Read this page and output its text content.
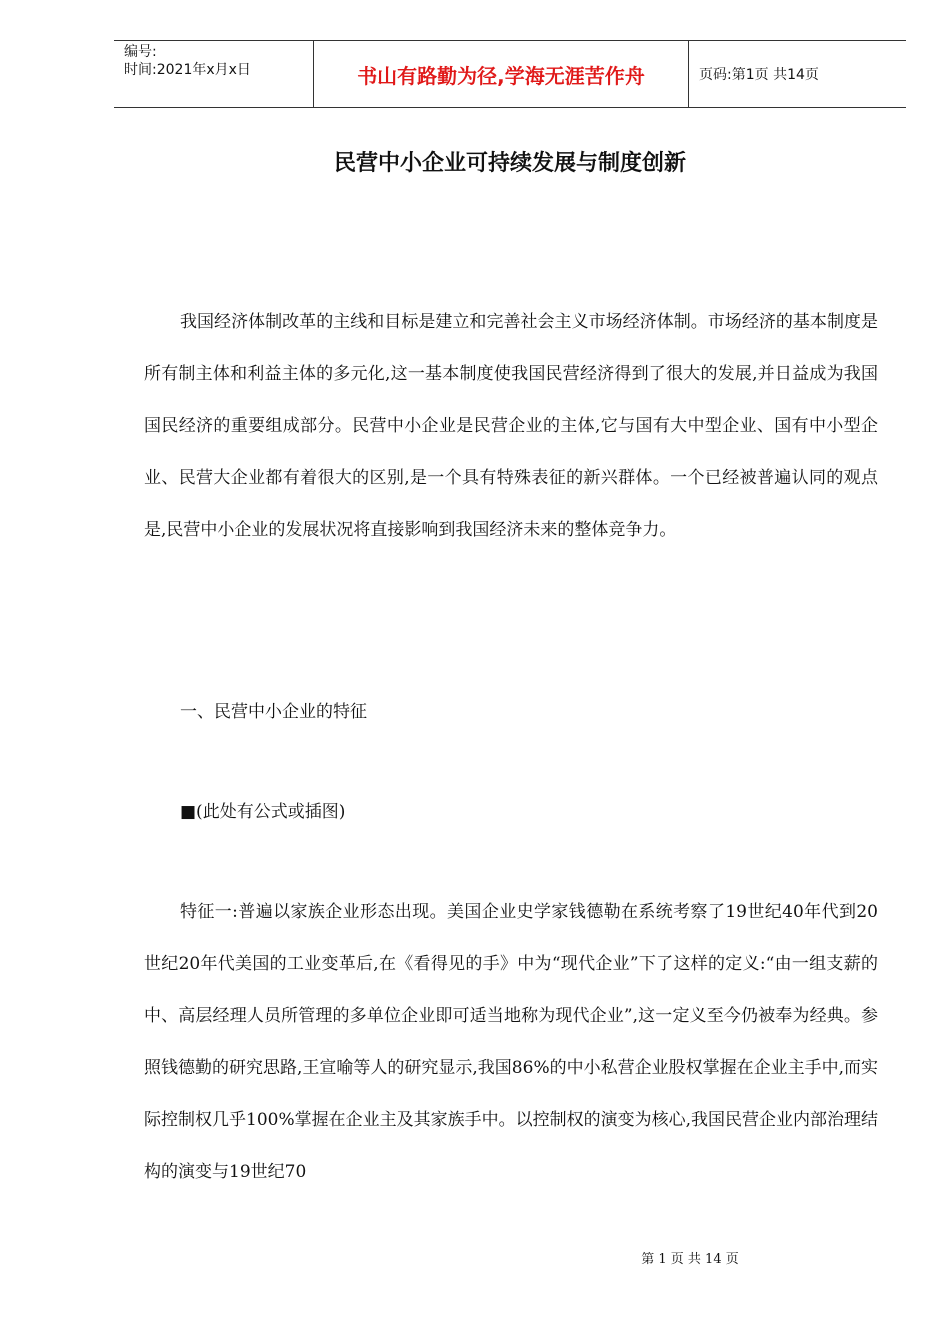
编号:
时间:2021年x月x日	书山有路勤为径,学海无涯苦作舟	页码:第1页 共14页
民营中小企业可持续发展与制度创新

我国经济体制改革的主线和目标是建立和完善社会主义市场经济体制。市场经济的基本制度是所有制主体和利益主体的多元化,这一基本制度使我国民营经济得到了很大的发展,并日益成为我国国民经济的重要组成部分。民营中小企业是民营企业的主体,它与国有大中型企业、国有中小型企业、民营大企业都有着很大的区别,是一个具有特殊表征的新兴群体。一个已经被普遍认同的观点是,民营中小企业的发展状况将直接影响到我国经济未来的整体竞争力。

一、民营中小企业的特征

■(此处有公式或插图)

特征一:普遍以家族企业形态出现。美国企业史学家钱德勒在系统考察了19世纪40年代到20世纪20年代美国的工业变革后,在《看得见的手》中为“现代企业”下了这样的定义:“由一组支薪的中、高层经理人员所管理的多单位企业即可适当地称为现代企业”,这一定义至今仍被奉为经典。参照钱德勤的研究思路,王宣喻等人的研究显示,我国86%的中小私营企业股权掌握在企业主手中,而实际控制权几乎100%掌握在企业主及其家族手中。以控制权的演变为核心,我国民营企业内部治理结构的演变与19世纪70

第 1 页 共 14 页
